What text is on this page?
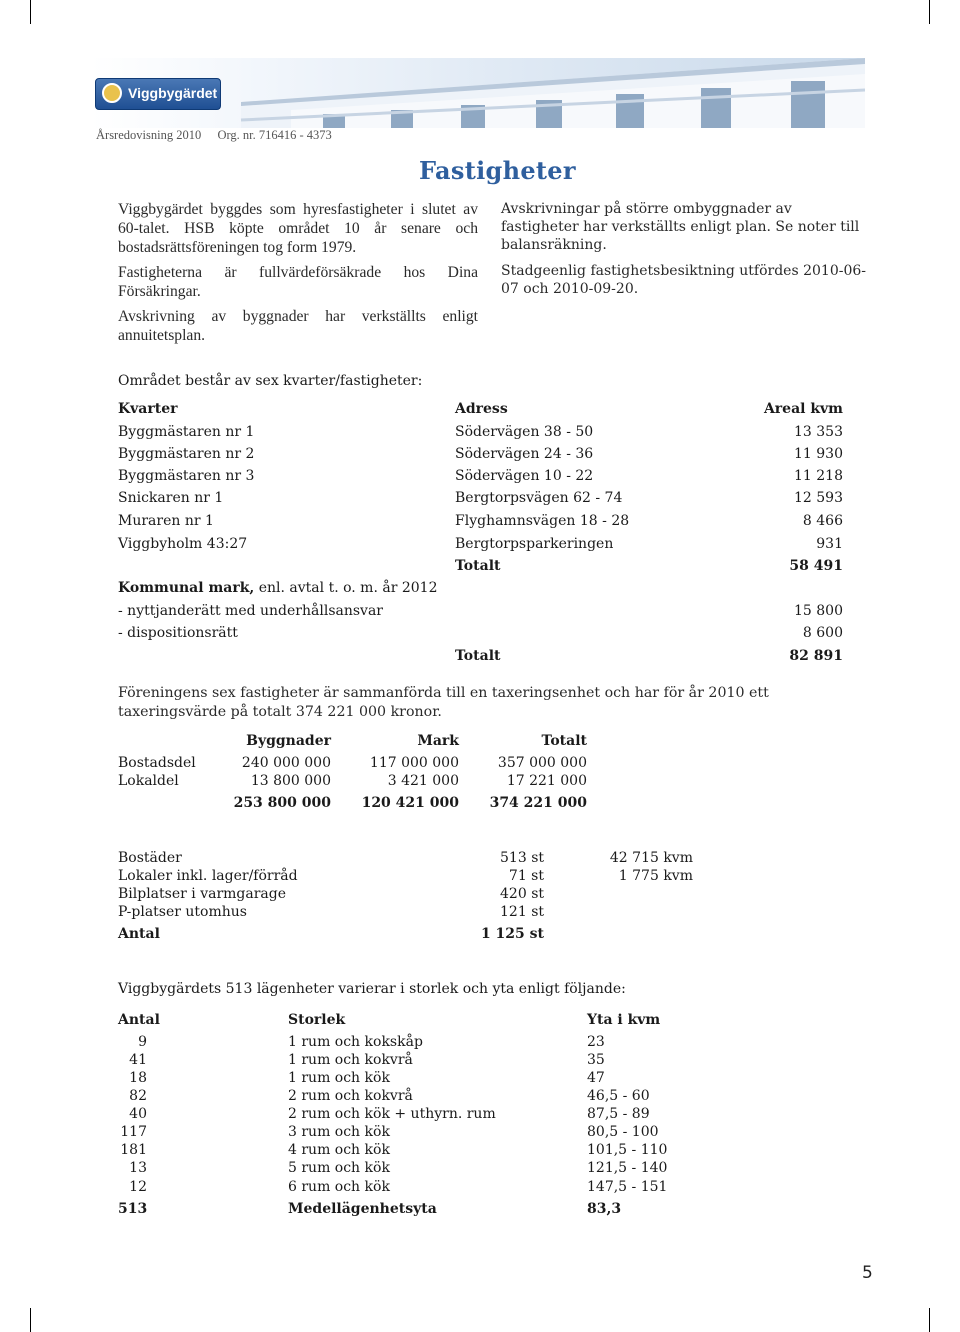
Viggbygärdet
Årsredovisning 2010 Org. nr. 716416 - 4373
Fastigheter

Viggbygärdet byggdes som hyresfastigheter i slutet av 60-talet. HSB köpte området 10 år senare och bostadsrättsföreningen tog form 1979.

Fastigheterna är fullvärdeförsäkrade hos Dina Försäkringar.

Avskrivning av byggnader har verkställts enligt annuitetsplan.

Avskrivningar på större ombyggnader av fastigheter har verkställts enligt plan. Se noter till balansräkning.

Stadgeenlig fastighetsbesiktning utfördes 2010-06-07 och 2010-09-20.

Området består av sex kvarter/fastigheter:
Kvarter	Adress	Areal kvm
Byggmästaren nr 1	Södervägen 38 - 50	13 353
Byggmästaren nr 2	Södervägen 24 - 36	11 930
Byggmästaren nr 3	Södervägen 10 - 22	11 218
Snickaren nr 1	Bergtorpsvägen 62 - 74	12 593
Muraren nr 1	Flyghamnsvägen 18 - 28	8 466
Viggbyholm 43:27	Bergtorpsparkeringen	931
Totalt	58 491
Kommunal mark, enl. avtal t. o. m. år 2012
- nyttjanderätt med underhållsansvar	15 800
- dispositionsrätt	8 600
Totalt	82 891
Föreningens sex fastigheter är sammanförda till en taxeringsenhet och har för år 2010 ett taxeringsvärde på totalt 374 221 000 kronor.
Byggnader	Mark	Totalt
Bostadsdel	240 000 000	117 000 000	357 000 000
Lokaldel	13 800 000	3 421 000	17 221 000
253 800 000	120 421 000	374 221 000
Bostäder	513 st	42 715 kvm
Lokaler inkl. lager/förråd	71 st	1 775 kvm
Bilplatser i varmgarage	420 st
P-platser utomhus	121 st
Antal	1 125 st
Viggbygärdets 513 lägenheter varierar i storlek och yta enligt följande:
Antal	Storlek	Yta i kvm
9	1 rum och kokskåp	23
41	1 rum och kokvrå	35
18	1 rum och kök	47
82	2 rum och kokvrå	46,5 - 60
40	2 rum och kök + uthyrn. rum	87,5 - 89
117	3 rum och kök	80,5 - 100
181	4 rum och kök	101,5 - 110
13	5 rum och kök	121,5 - 140
12	6 rum och kök	147,5 - 151
513	Medellägenhetsyta	83,3
5
